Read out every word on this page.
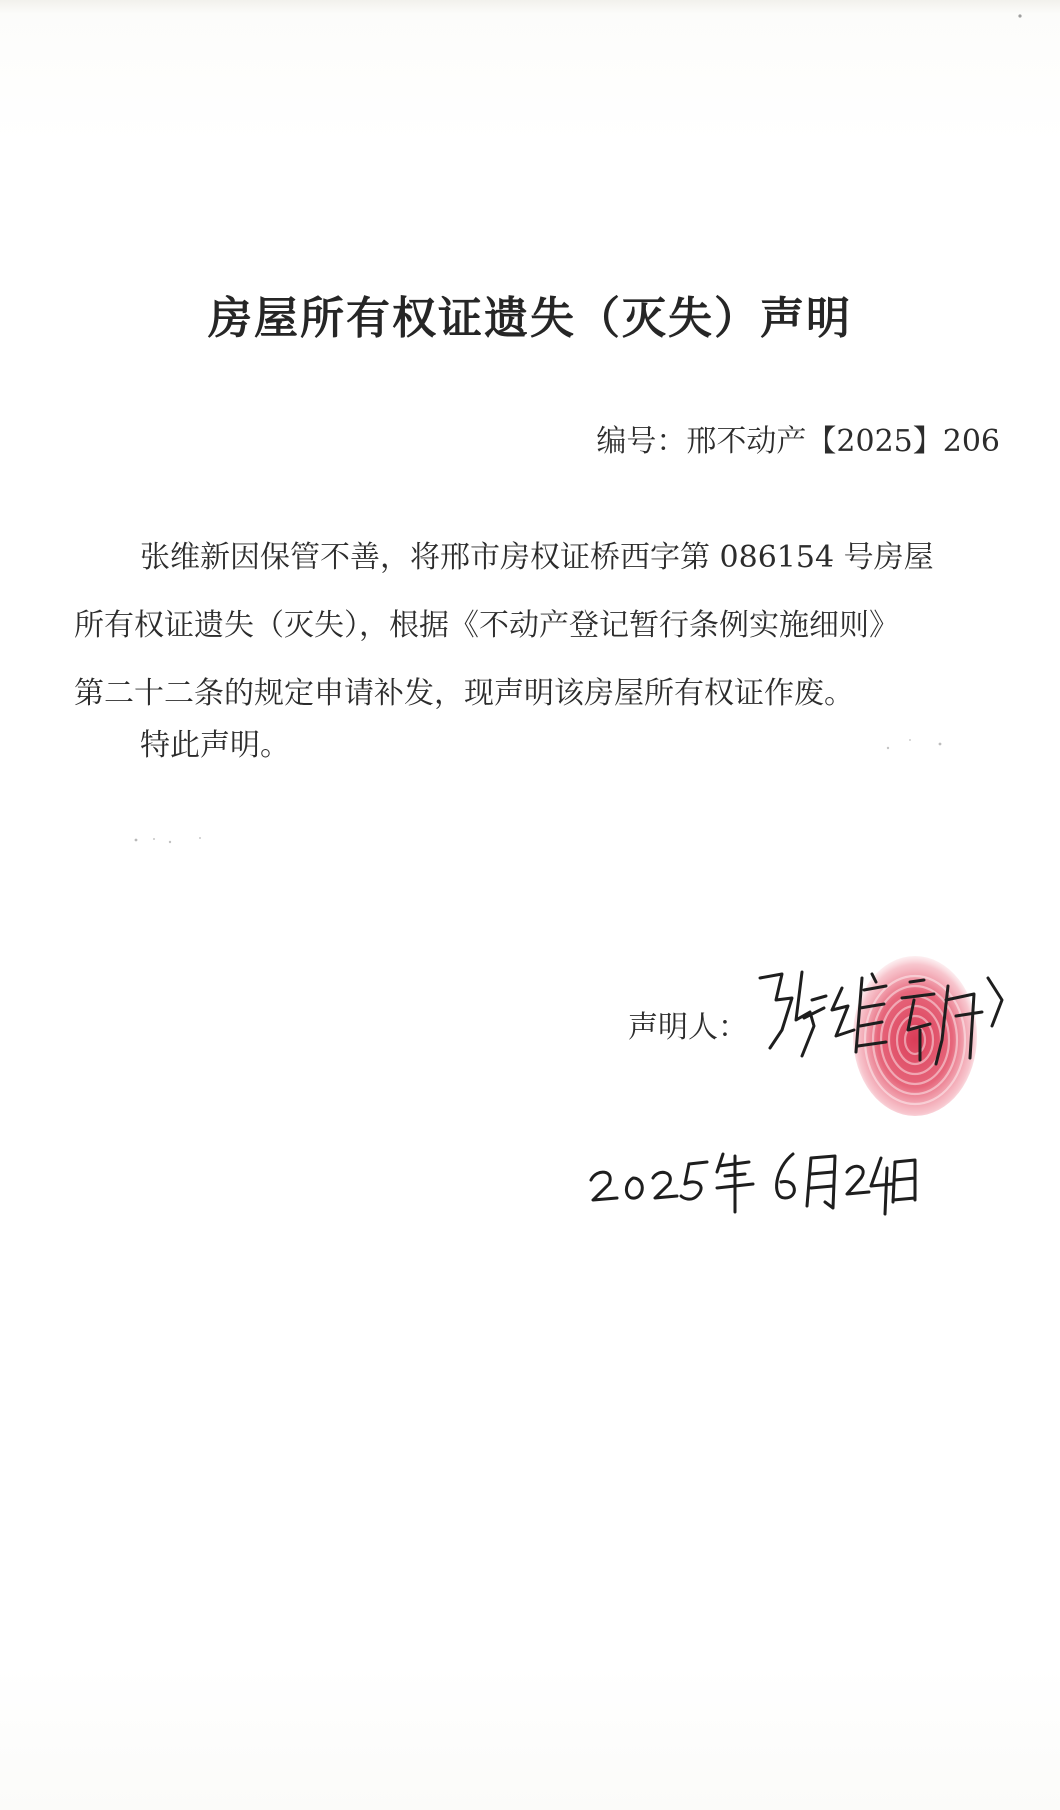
房屋所有权证遗失（灭失）声明
编号：邢不动产【2025】206

张维新因保管不善，将邢市房权证桥西字第 086154 号房屋
所有权证遗失（灭失），根据《不动产登记暂行条例实施细则》
第二十二条的规定申请补发，现声明该房屋所有权证作废。

特此声明。
声明人：
